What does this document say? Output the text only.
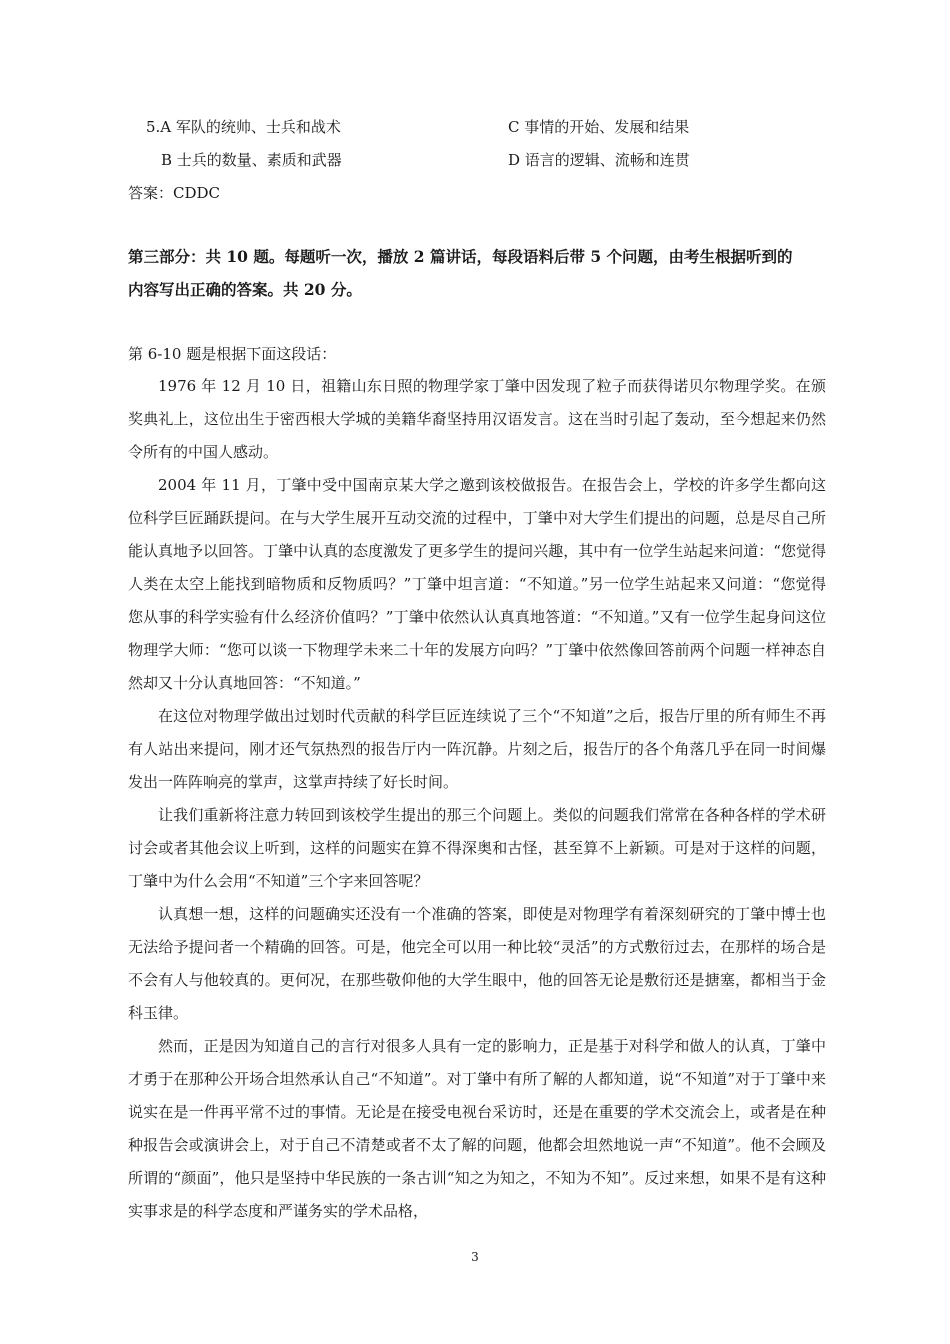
5.A 军队的统帅、士兵和战术	C 事情的开始、发展和结果
B 士兵的数量、素质和武器	D 语言的逻辑、流畅和连贯
答案：CDDC
第三部分：共 10 题。每题听一次，播放 2 篇讲话，每段语料后带 5 个问题，由考生根据听到的
内容写出正确的答案。共 20 分。
第 6-10 题是根据下面这段话：
1976 年 12 月 10 日，祖籍山东日照的物理学家丁肇中因发现了粒子而获得诺贝尔物理学奖。在颁奖典礼上，这位出生于密西根大学城的美籍华裔坚持用汉语发言。这在当时引起了轰动，至今想起来仍然令所有的中国人感动。
2004 年 11 月，丁肇中受中国南京某大学之邀到该校做报告。在报告会上，学校的许多学生都向这位科学巨匠踊跃提问。在与大学生展开互动交流的过程中，丁肇中对大学生们提出的问题，总是尽自己所能认真地予以回答。丁肇中认真的态度激发了更多学生的提问兴趣，其中有一位学生站起来问道：“您觉得人类在太空上能找到暗物质和反物质吗？”丁肇中坦言道：“不知道。”另一位学生站起来又问道：“您觉得您从事的科学实验有什么经济价值吗？”丁肇中依然认认真真地答道：“不知道。”又有一位学生起身问这位物理学大师：“您可以谈一下物理学未来二十年的发展方向吗？”丁肇中依然像回答前两个问题一样神态自然却又十分认真地回答：“不知道。”
在这位对物理学做出过划时代贡献的科学巨匠连续说了三个“不知道”之后，报告厅里的所有师生不再有人站出来提问，刚才还气氛热烈的报告厅内一阵沉静。片刻之后，报告厅的各个角落几乎在同一时间爆发出一阵阵响亮的掌声，这掌声持续了好长时间。
让我们重新将注意力转回到该校学生提出的那三个问题上。类似的问题我们常常在各种各样的学术研讨会或者其他会议上听到，这样的问题实在算不得深奥和古怪，甚至算不上新颖。可是对于这样的问题，丁肇中为什么会用“不知道”三个字来回答呢？
认真想一想，这样的问题确实还没有一个准确的答案，即使是对物理学有着深刻研究的丁肇中博士也无法给予提问者一个精确的回答。可是，他完全可以用一种比较“灵活”的方式敷衍过去，在那样的场合是不会有人与他较真的。更何况，在那些敬仰他的大学生眼中，他的回答无论是敷衍还是搪塞，都相当于金科玉律。
然而，正是因为知道自己的言行对很多人具有一定的影响力，正是基于对科学和做人的认真，丁肇中才勇于在那种公开场合坦然承认自己“不知道”。对丁肇中有所了解的人都知道，说“不知道”对于丁肇中来说实在是一件再平常不过的事情。无论是在接受电视台采访时，还是在重要的学术交流会上，或者是在种种报告会或演讲会上，对于自己不清楚或者不太了解的问题，他都会坦然地说一声“不知道”。他不会顾及所谓的“颜面”，他只是坚持中华民族的一条古训“知之为知之，不知为不知”。反过来想，如果不是有这种实事求是的科学态度和严谨务实的学术品格，
3
